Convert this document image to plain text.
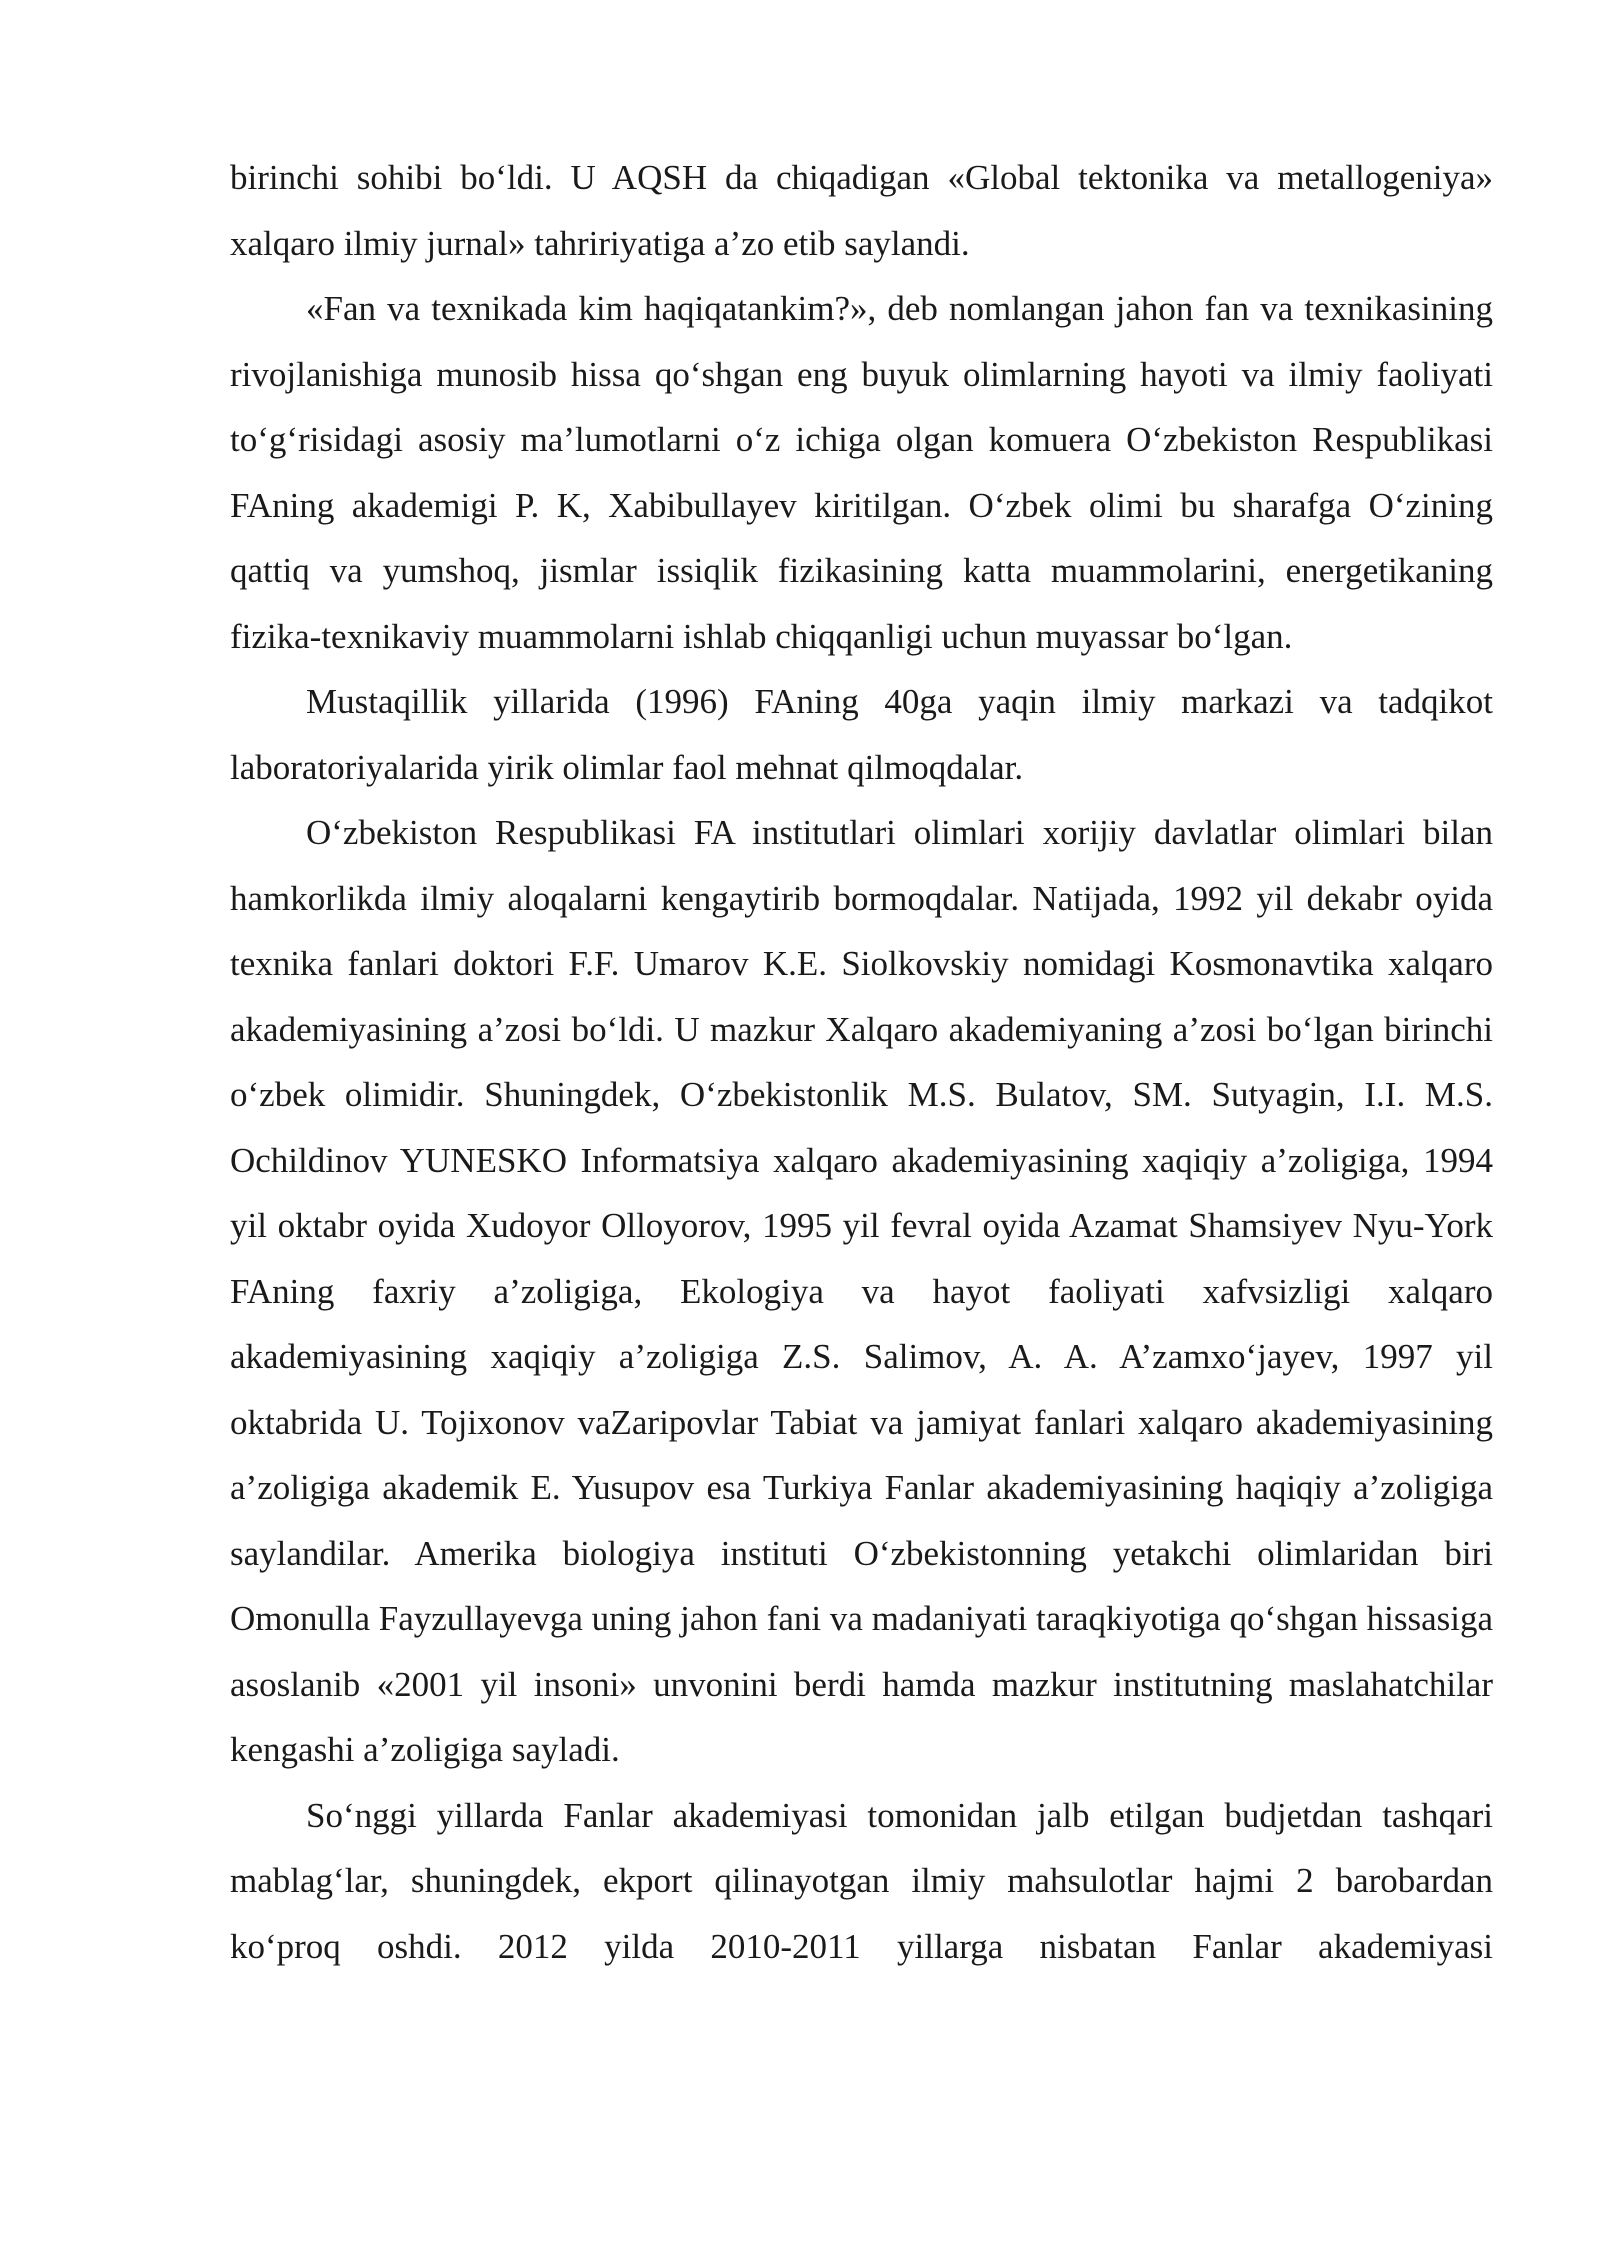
birinchi sohibi bo‘ldi. U AQSH da chiqadigan «Global tektonika va metallogeniya» xalqaro ilmiy jurnal» tahririyatiga a’zo etib saylandi.

«Fan va texnikada kim haqiqatankim?», deb nomlangan jahon fan va texnikasining rivojlanishiga munosib hissa qo‘shgan eng buyuk olimlarning hayoti va ilmiy faoliyati to‘g‘risidagi asosiy ma’lumotlarni o‘z ichiga olgan komuera O‘zbekiston Respublikasi FAning akademigi P. K, Xabibullayev kiritilgan. O‘zbek olimi bu sharafga O‘zining qattiq va yumshoq, jismlar issiqlik fizikasining katta muammolarini, energetikaning fizika-texnikaviy muammolarni ishlab chiqqanligi uchun muyassar bo‘lgan.

Mustaqillik yillarida (1996) FAning 40ga yaqin ilmiy markazi va tadqikot laboratoriyalarida yirik olimlar faol mehnat qilmoqdalar.

O‘zbekiston Respublikasi FA institutlari olimlari xorijiy davlatlar olimlari bilan hamkorlikda ilmiy aloqalarni kengaytirib bormoqdalar. Natijada, 1992 yil dekabr oyida texnika fanlari doktori F.F. Umarov K.E. Siolkovskiy nomidagi Kosmonavtika xalqaro akademiyasining a’zosi bo‘ldi. U mazkur Xalqaro akademiyaning a’zosi bo‘lgan birinchi o‘zbek olimidir. Shuningdek, O‘zbekistonlik M.S. Bulatov, SM. Sutyagin, I.I. M.S. Ochildinov YUNESKO Informatsiya xalqaro akademiyasining xaqiqiy a’zoligiga, 1994 yil oktabr oyida Xudoyor Olloyorov, 1995 yil fevral oyida Azamat Shamsiyev Nyu-York FAning faxriy a’zoligiga, Ekologiya va hayot faoliyati xafvsizligi xalqaro akademiyasining xaqiqiy a’zoligiga Z.S. Salimov, A. A. A’zamxo‘jayev, 1997 yil oktabrida U. Tojixonov vaZaripovlar Tabiat va jamiyat fanlari xalqaro akademiyasining a’zoligiga akademik E. Yusupov esa Turkiya Fanlar akademiyasining haqiqiy a’zoligiga saylandilar. Amerika biologiya instituti O‘zbekistonning yetakchi olimlaridan biri Omonulla Fayzullayevga uning jahon fani va madaniyati taraqkiyotiga qo‘shgan hissasiga asoslanib «2001 yil insoni» unvonini berdi hamda mazkur institutning maslahatchilar kengashi a’zoligiga sayladi.

So‘nggi yillarda Fanlar akademiyasi tomonidan jalb etilgan budjetdan tashqari mablag‘lar, shuningdek, ekport qilinayotgan ilmiy mahsulotlar hajmi 2 barobardan ko‘proq oshdi. 2012 yilda 2010-2011 yillarga nisbatan Fanlar akademiyasi
